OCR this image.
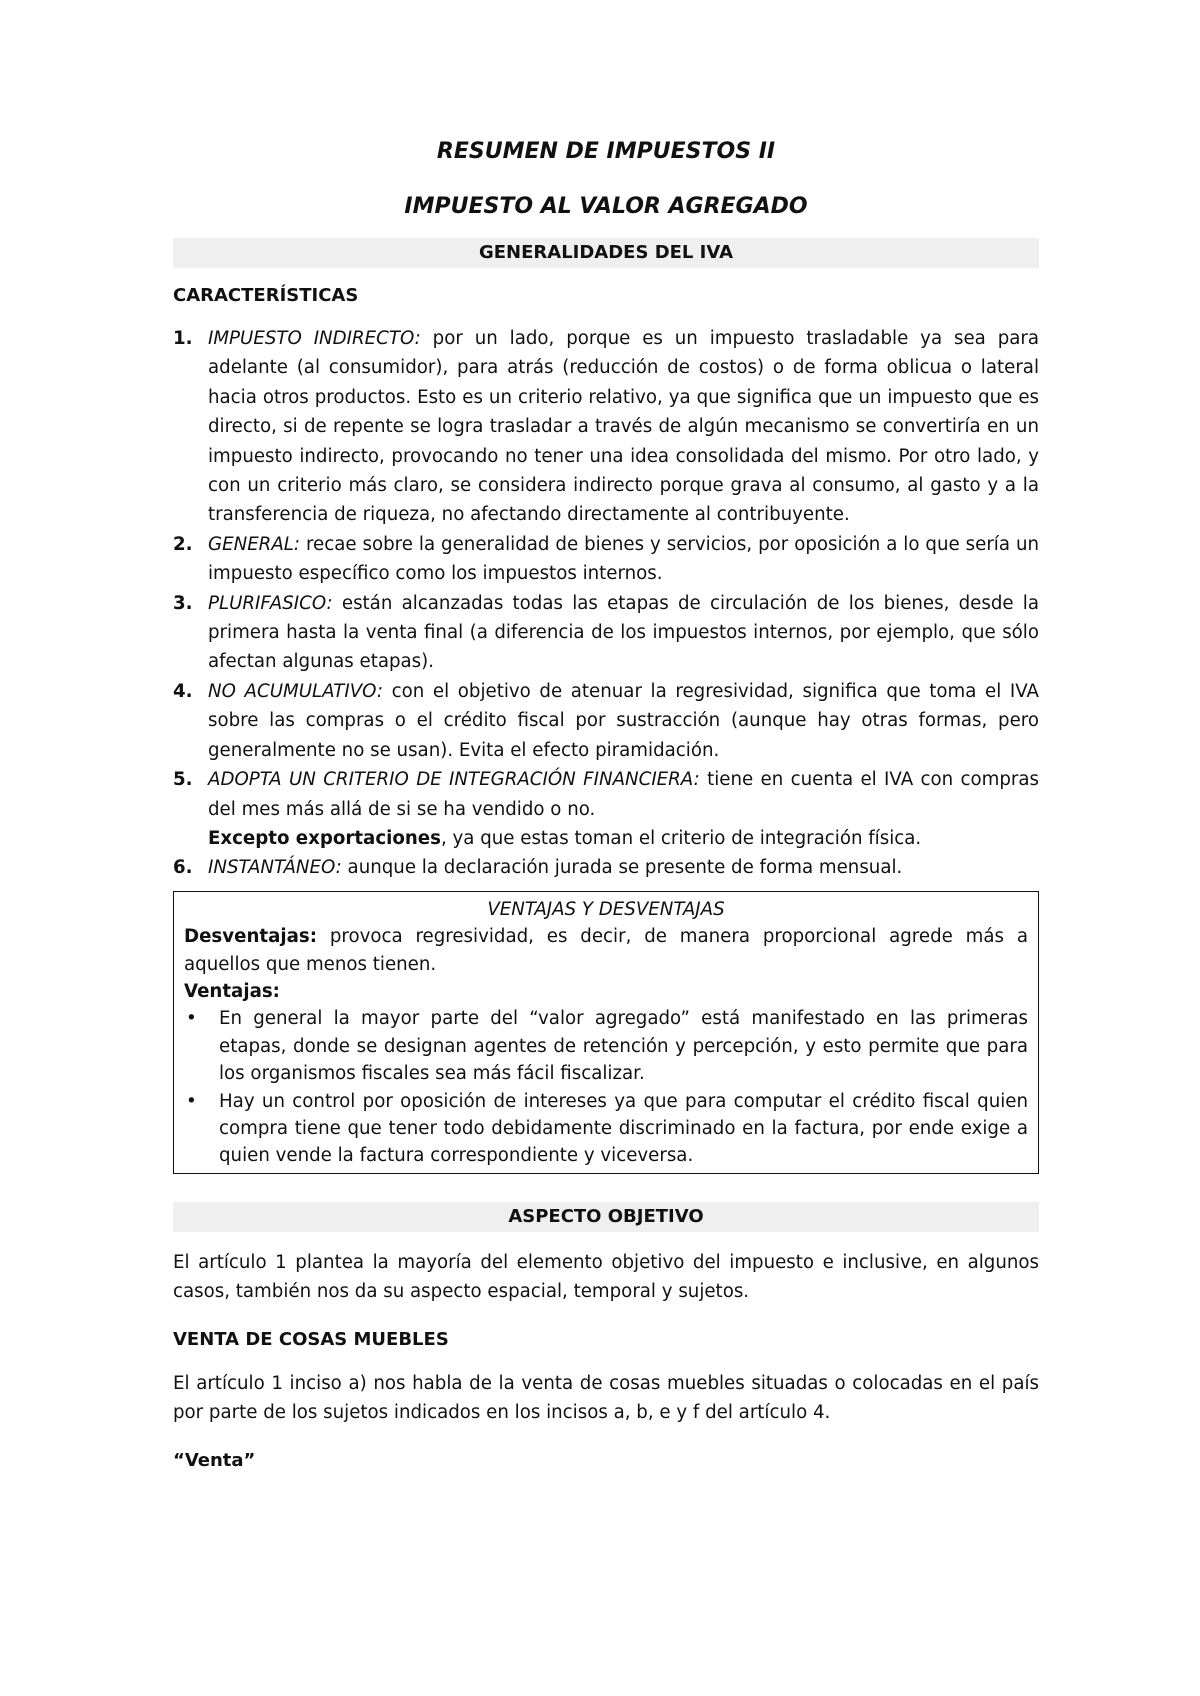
RESUMEN DE IMPUESTOS II
IMPUESTO AL VALOR AGREGADO
GENERALIDADES DEL IVA
CARACTERÍSTICAS
1. IMPUESTO INDIRECTO: por un lado, porque es un impuesto trasladable ya sea para adelante (al consumidor), para atrás (reducción de costos) o de forma oblicua o lateral hacia otros productos. Esto es un criterio relativo, ya que significa que un impuesto que es directo, si de repente se logra trasladar a través de algún mecanismo se convertiría en un impuesto indirecto, provocando no tener una idea consolidada del mismo. Por otro lado, y con un criterio más claro, se considera indirecto porque grava al consumo, al gasto y a la transferencia de riqueza, no afectando directamente al contribuyente.
2. GENERAL: recae sobre la generalidad de bienes y servicios, por oposición a lo que sería un impuesto específico como los impuestos internos.
3. PLURIFASICO: están alcanzadas todas las etapas de circulación de los bienes, desde la primera hasta la venta final (a diferencia de los impuestos internos, por ejemplo, que sólo afectan algunas etapas).
4. NO ACUMULATIVO: con el objetivo de atenuar la regresividad, significa que toma el IVA sobre las compras o el crédito fiscal por sustracción (aunque hay otras formas, pero generalmente no se usan). Evita el efecto piramidación.
5. ADOPTA UN CRITERIO DE INTEGRACIÓN FINANCIERA: tiene en cuenta el IVA con compras del mes más allá de si se ha vendido o no.
Excepto exportaciones, ya que estas toman el criterio de integración física.
6. INSTANTÁNEO: aunque la declaración jurada se presente de forma mensual.
VENTAJAS Y DESVENTAJAS
Desventajas: provoca regresividad, es decir, de manera proporcional agrede más a aquellos que menos tienen.
Ventajas:
• En general la mayor parte del “valor agregado” está manifestado en las primeras etapas, donde se designan agentes de retención y percepción, y esto permite que para los organismos fiscales sea más fácil fiscalizar.
• Hay un control por oposición de intereses ya que para computar el crédito fiscal quien compra tiene que tener todo debidamente discriminado en la factura, por ende exige a quien vende la factura correspondiente y viceversa.
ASPECTO OBJETIVO

El artículo 1 plantea la mayoría del elemento objetivo del impuesto e inclusive, en algunos casos, también nos da su aspecto espacial, temporal y sujetos.

VENTA DE COSAS MUEBLES

El artículo 1 inciso a) nos habla de la venta de cosas muebles situadas o colocadas en el país por parte de los sujetos indicados en los incisos a, b, e y f del artículo 4.

“Venta”
